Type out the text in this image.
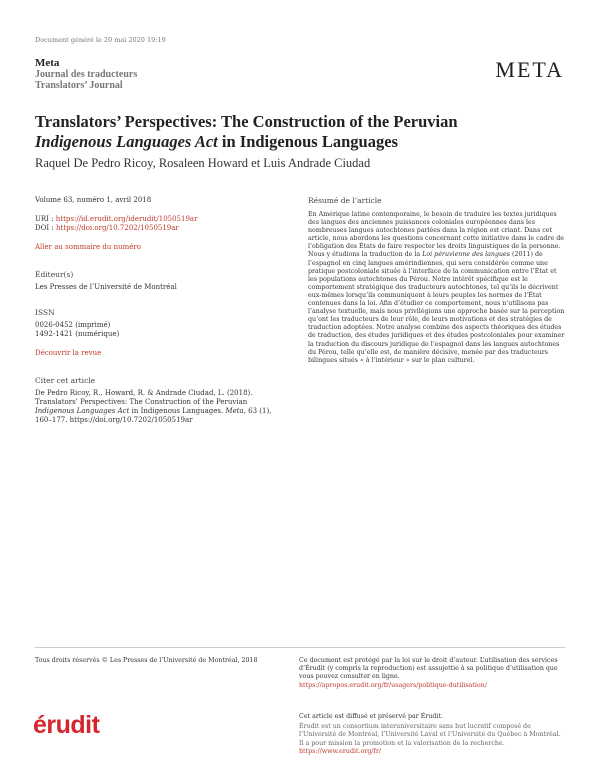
Document généré le 20 mai 2020 19:19
Meta
Journal des traducteurs
Translators’ Journal
META
Translators’ Perspectives: The Construction of the Peruvian
Indigenous Languages Act in Indigenous Languages
Raquel De Pedro Ricoy, Rosaleen Howard et Luis Andrade Ciudad
Volume 63, numéro 1, avril 2018
URI : https://id.erudit.org/iderudit/1050519ar
DOI : https://doi.org/10.7202/1050519ar
Aller au sommaire du numéro
Éditeur(s)
Les Presses de l’Université de Montréal
ISSN
0026-0452 (imprimé)
1492-1421 (numérique)
Découvrir la revue
Citer cet article
De Pedro Ricoy, R., Howard, R. & Andrade Ciudad, L. (2018). Translators’ Perspectives: The Construction of the Peruvian Indigenous Languages Act in Indigenous Languages. Meta, 63 (1), 160–177. https://doi.org/10.7202/1050519ar
Résumé de l’article
En Amérique latine contemporaine, le besoin de traduire les textes juridiques des langues des anciennes puissances coloniales européennes dans les nombreuses langues autochtones parlées dans la région est criant. Dans cet article, nous abordons les questions concernant cette initiative dans le cadre de l’obligation des États de faire respecter les droits linguistiques de la personne. Nous y étudions la traduction de la Loi péruvienne des langues (2011) de l’espagnol en cinq langues amérindiennes, qui sera considérée comme une pratique postcoloniale située à l’interface de la communication entre l’État et les populations autochtones du Pérou. Notre intérêt spécifique est le comportement stratégique des traducteurs autochtones, tel qu’ils le décrivent eux-mêmes lorsqu’ils communiquent à leurs peuples les normes de l’État contenues dans la loi. Afin d’étudier ce comportement, nous n’utilisons pas l’analyse textuelle, mais nous privilégions une approche basée sur la perception qu’ont les traducteurs de leur rôle, de leurs motivations et des stratégies de traduction adoptées. Notre analyse combine des aspects théoriques des études de traduction, des études juridiques et des études postcoloniales pour examiner la traduction du discours juridique de l’espagnol dans les langues autochtones du Pérou, telle qu’elle est, de manière décisive, menée par des traducteurs bilingues situés « à l’intérieur » sur le plan culturel.
Tous droits réservés © Les Presses de l’Université de Montréal, 2018	Ce document est protégé par la loi sur le droit d’auteur. L’utilisation des services d’Érudit (y compris la reproduction) est assujettie à sa politique d’utilisation que vous pouvez consulter en ligne.
https://apropos.erudit.org/fr/usagers/politique-dutilisation/
érudit	Cet article est diffusé et préservé par Érudit.
Érudit est un consortium interuniversitaire sans but lucratif composé de l’Université de Montréal, l’Université Laval et l’Université du Québec à Montréal. Il a pour mission la promotion et la valorisation de la recherche.
https://www.erudit.org/fr/
